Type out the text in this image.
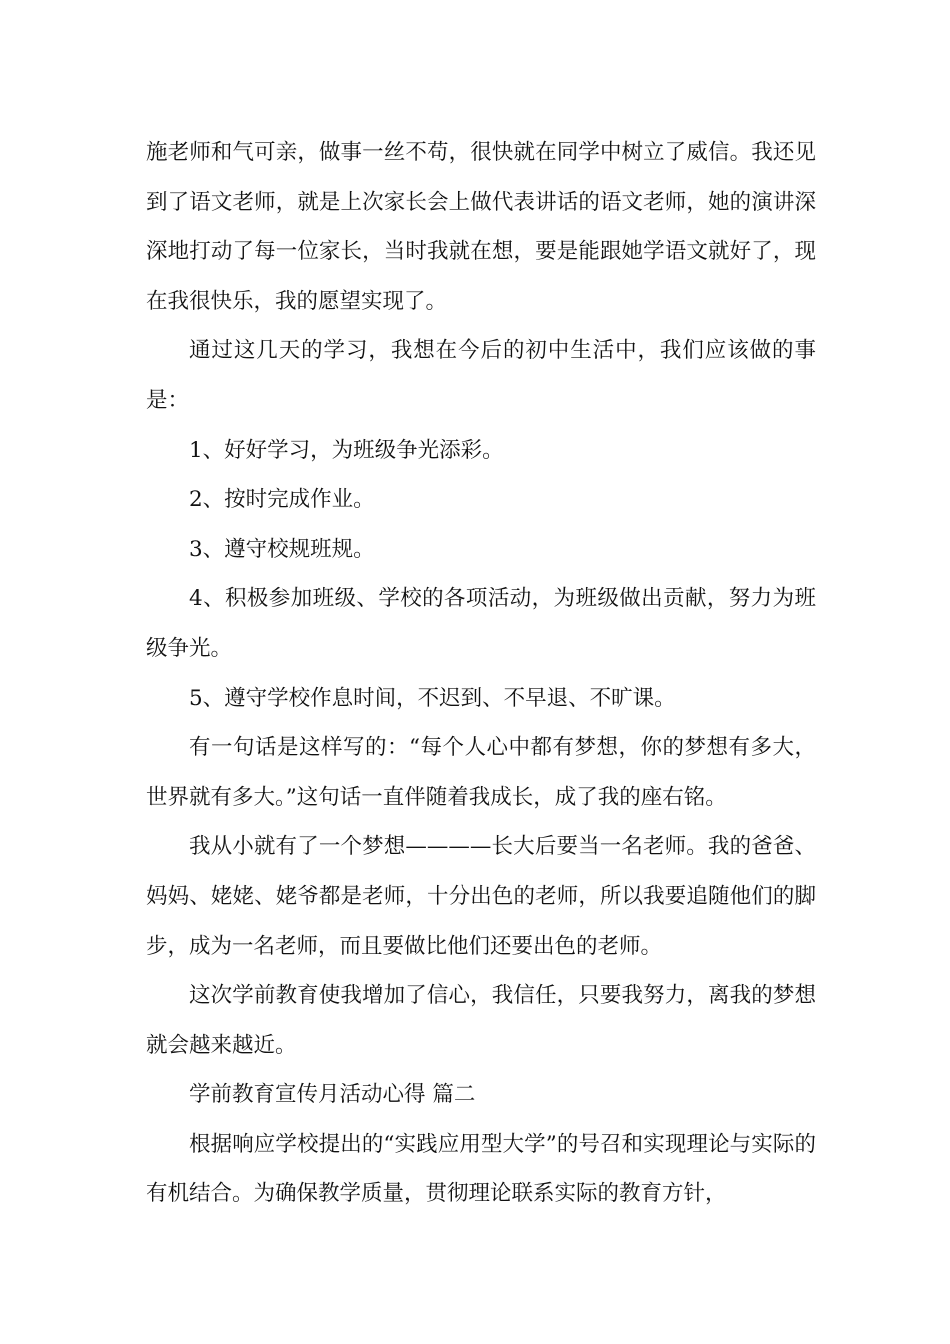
施老师和气可亲，做事一丝不苟，很快就在同学中树立了威信。我还见到了语文老师，就是上次家长会上做代表讲话的语文老师，她的演讲深深地打动了每一位家长，当时我就在想，要是能跟她学语文就好了，现在我很快乐，我的愿望实现了。

通过这几天的学习，我想在今后的初中生活中，我们应该做的事是：

1、好好学习，为班级争光添彩。

2、按时完成作业。

3、遵守校规班规。

4、积极参加班级、学校的各项活动，为班级做出贡献，努力为班级争光。

5、遵守学校作息时间，不迟到、不早退、不旷课。

有一句话是这样写的：“每个人心中都有梦想，你的梦想有多大，世界就有多大。”这句话一直伴随着我成长，成了我的座右铭。

我从小就有了一个梦想————长大后要当一名老师。我的爸爸、妈妈、姥姥、姥爷都是老师，十分出色的老师，所以我要追随他们的脚步，成为一名老师，而且要做比他们还要出色的老师。

这次学前教育使我增加了信心，我信任，只要我努力，离我的梦想就会越来越近。

学前教育宣传月活动心得 篇二

根据响应学校提出的“实践应用型大学”的号召和实现理论与实际的有机结合。为确保教学质量，贯彻理论联系实际的教育方针，
